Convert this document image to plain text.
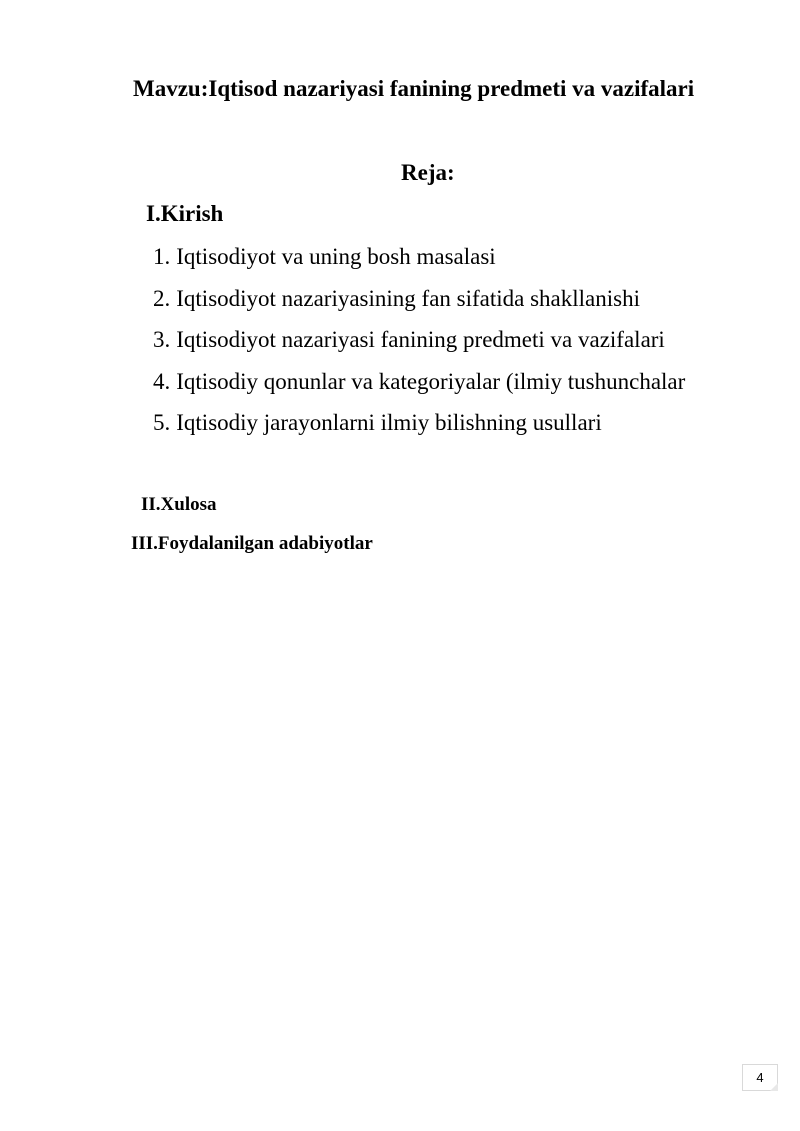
Mavzu:Iqtisod nazariyasi fanining predmeti va vazifalari
Reja:
I.Kirish
1. Iqtisodiyot va uning bosh masalasi
2. Iqtisodiyot nazariyasining fan sifatida shakllanishi
3. Iqtisodiyot nazariyasi fanining predmeti va vazifalari
4. Iqtisodiy qonunlar va kategoriyalar (ilmiy tushunchalar
5. Iqtisodiy jarayonlarni ilmiy bilishning usullari
II.Xulosa
III.Foydalanilgan adabiyotlar
4
